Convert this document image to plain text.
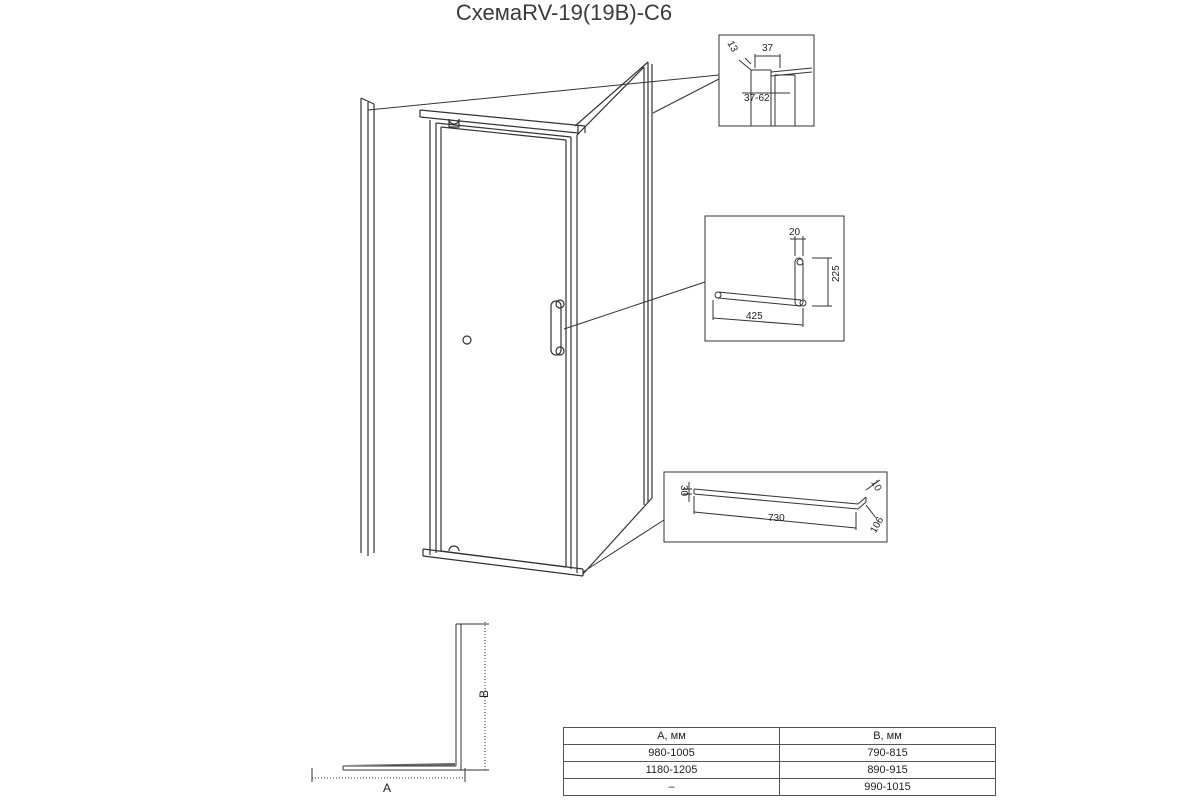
СхемаRV-19(19B)-C6
13 37
37-62
20
225
425
30
730
10
106
B
A
A, мм	B, мм
980-1005	790-815
1180-1205	890-915
–	990-1015
